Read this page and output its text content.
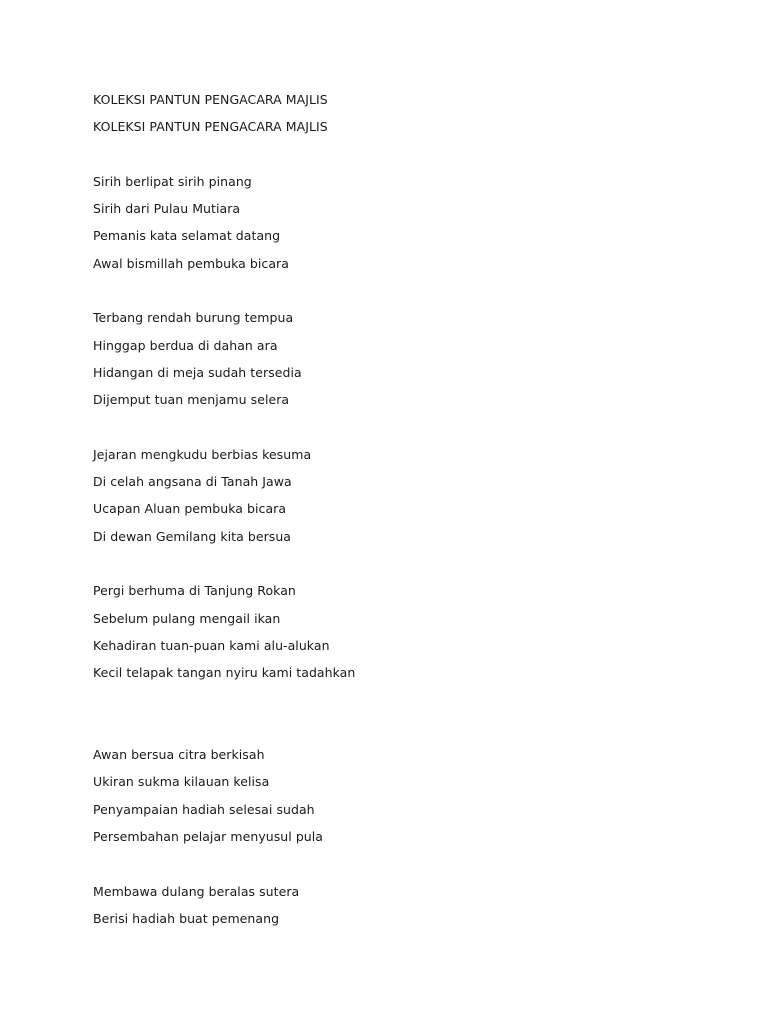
KOLEKSI PANTUN PENGACARA MAJLIS
KOLEKSI PANTUN PENGACARA MAJLIS
Sirih berlipat sirih pinang
Sirih dari Pulau Mutiara
Pemanis kata selamat datang
Awal bismillah pembuka bicara
Terbang rendah burung tempua
Hinggap berdua di dahan ara
Hidangan di meja sudah tersedia
Dijemput tuan menjamu selera
Jejaran mengkudu berbias kesuma
Di celah angsana di Tanah Jawa
Ucapan Aluan pembuka bicara
Di dewan Gemilang kita bersua
Pergi berhuma di Tanjung Rokan
Sebelum pulang mengail ikan
Kehadiran tuan-puan kami alu-alukan
Kecil telapak tangan nyiru kami tadahkan
Awan bersua citra berkisah
Ukiran sukma kilauan kelisa
Penyampaian hadiah selesai sudah
Persembahan pelajar menyusul pula
Membawa dulang beralas sutera
Berisi hadiah buat pemenang
